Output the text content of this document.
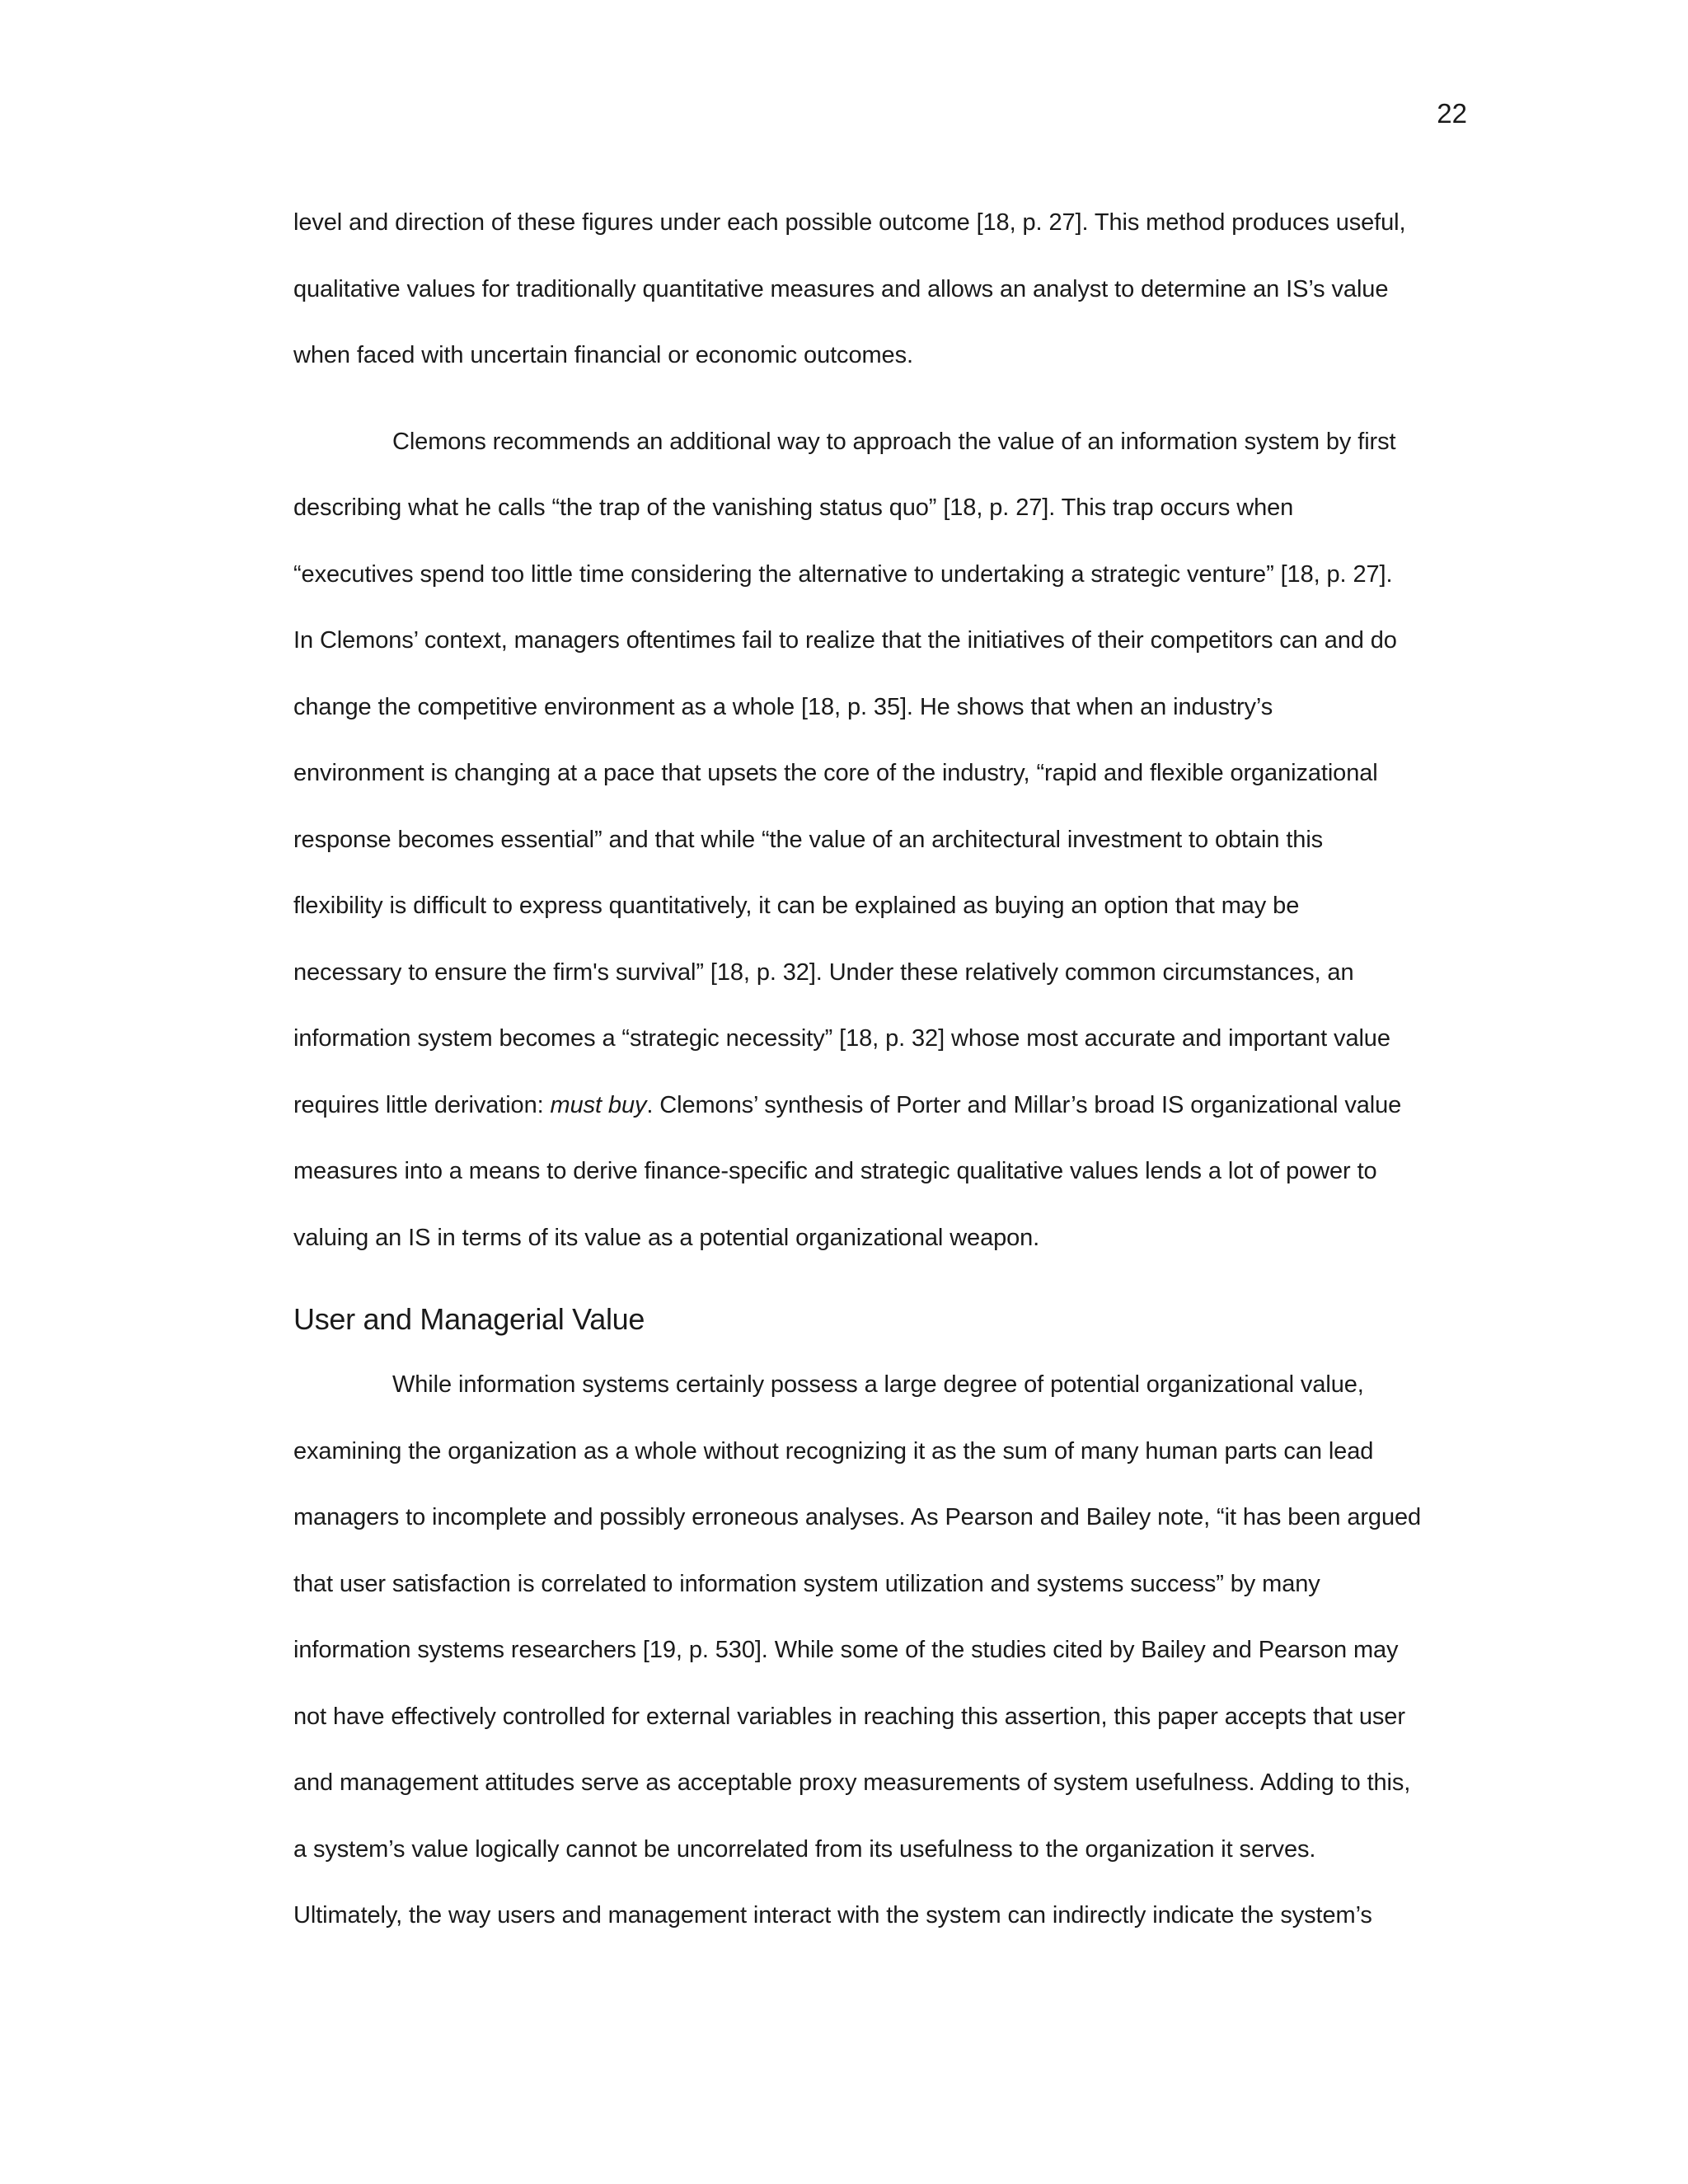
22

level and direction of these figures under each possible outcome [18, p. 27]. This method produces useful,
qualitative values for traditionally quantitative measures and allows an analyst to determine an IS’s value
when faced with uncertain financial or economic outcomes.

Clemons recommends an additional way to approach the value of an information system by first
describing what he calls “the trap of the vanishing status quo” [18, p. 27]. This trap occurs when
“executives spend too little time considering the alternative to undertaking a strategic venture” [18, p. 27].
In Clemons’ context, managers oftentimes fail to realize that the initiatives of their competitors can and do
change the competitive environment as a whole [18, p. 35]. He shows that when an industry’s
environment is changing at a pace that upsets the core of the industry, “rapid and flexible organizational
response becomes essential” and that while “the value of an architectural investment to obtain this
flexibility is difficult to express quantitatively, it can be explained as buying an option that may be
necessary to ensure the firm's survival” [18, p. 32]. Under these relatively common circumstances, an
information system becomes a “strategic necessity” [18, p. 32] whose most accurate and important value
requires little derivation: must buy. Clemons’ synthesis of Porter and Millar’s broad IS organizational value
measures into a means to derive finance-specific and strategic qualitative values lends a lot of power to
valuing an IS in terms of its value as a potential organizational weapon.

User and Managerial Value

While information systems certainly possess a large degree of potential organizational value,
examining the organization as a whole without recognizing it as the sum of many human parts can lead
managers to incomplete and possibly erroneous analyses. As Pearson and Bailey note, “it has been argued
that user satisfaction is correlated to information system utilization and systems success” by many
information systems researchers [19, p. 530]. While some of the studies cited by Bailey and Pearson may
not have effectively controlled for external variables in reaching this assertion, this paper accepts that user
and management attitudes serve as acceptable proxy measurements of system usefulness. Adding to this,
a system’s value logically cannot be uncorrelated from its usefulness to the organization it serves.
Ultimately, the way users and management interact with the system can indirectly indicate the system’s
